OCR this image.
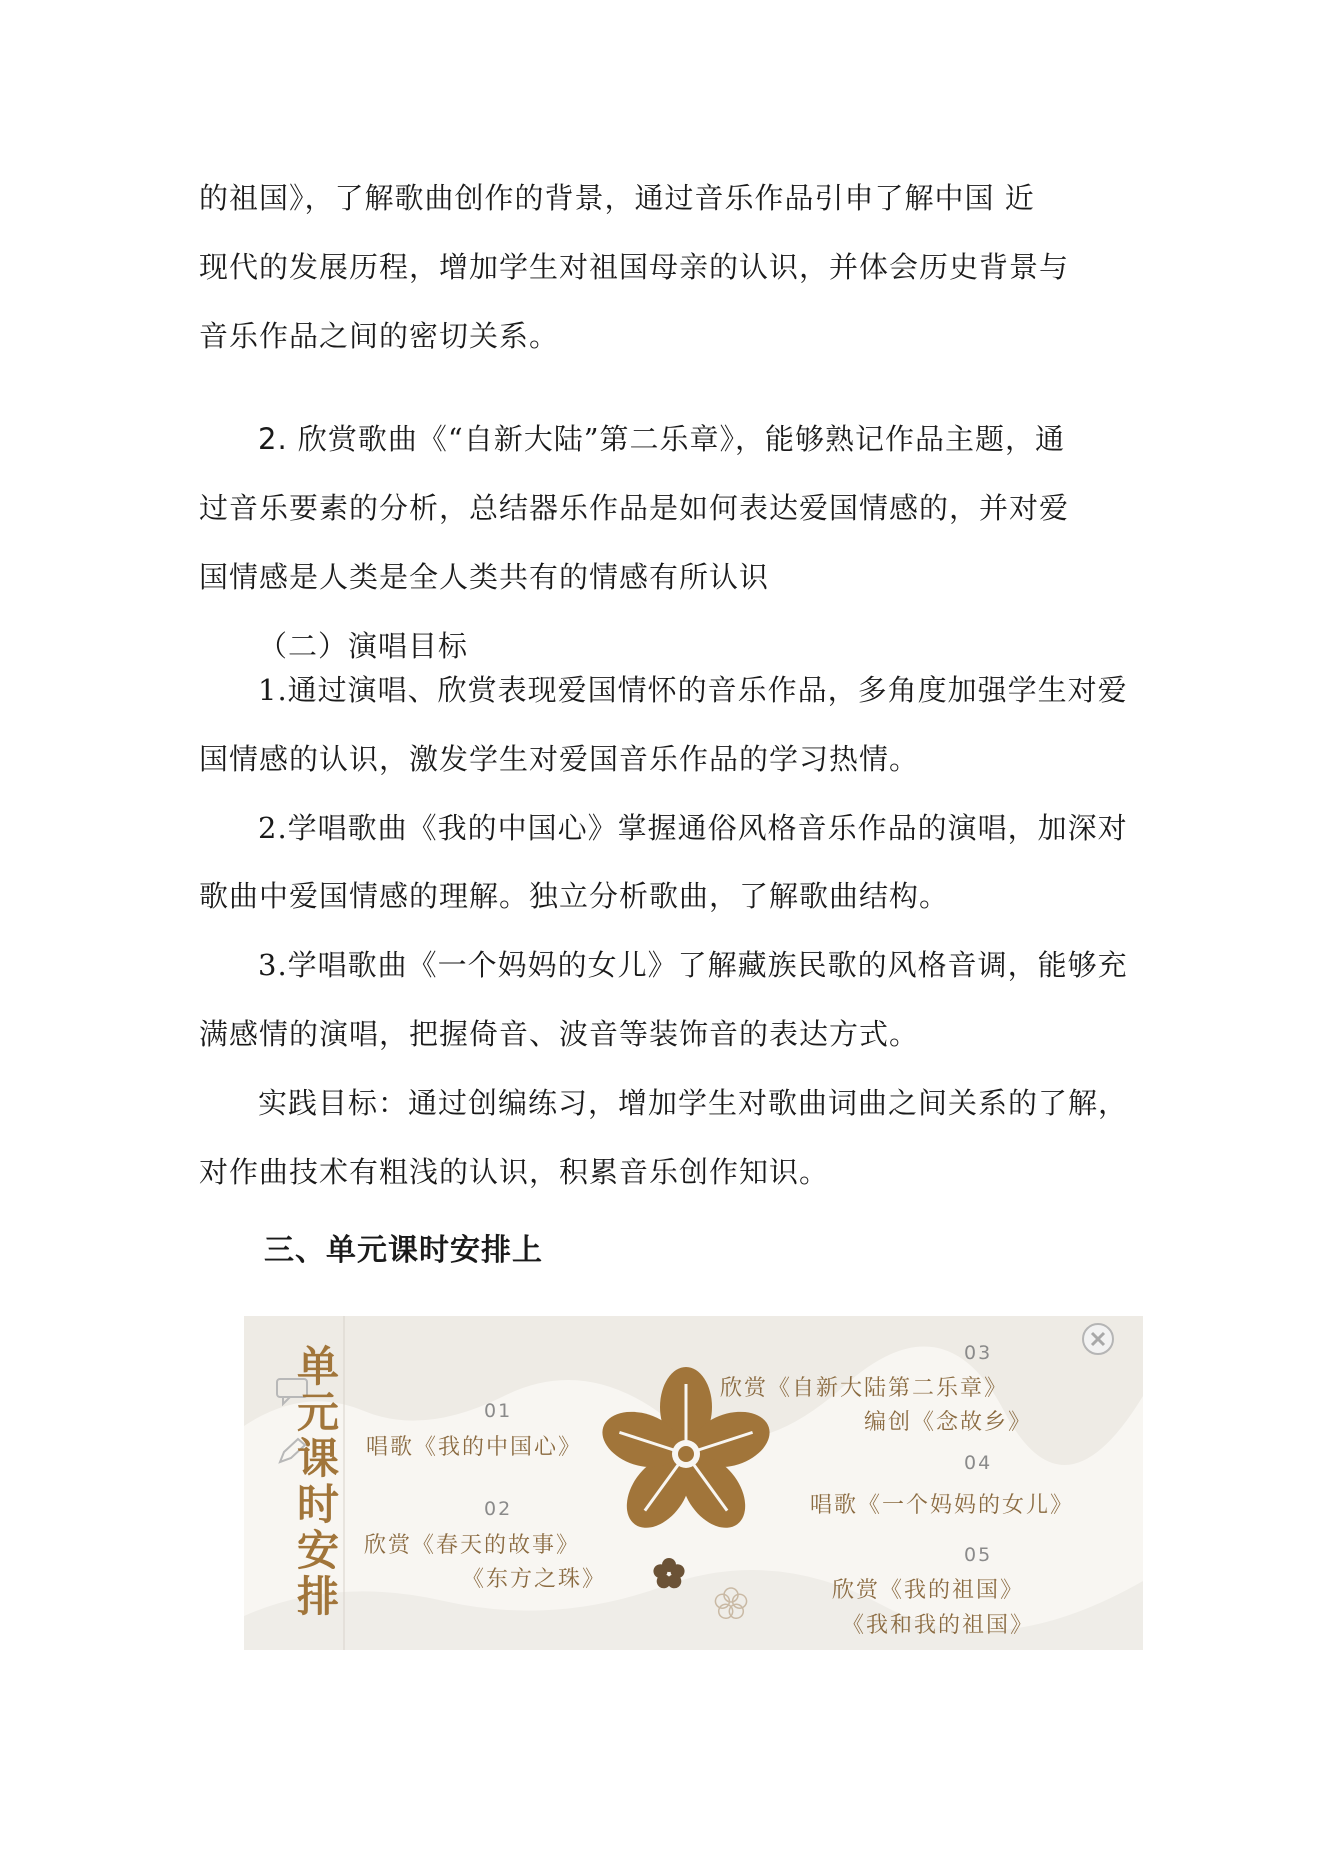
的祖国》，了解歌曲创作的背景，通过音乐作品引申了解中国 近
现代的发展历程，增加学生对祖国母亲的认识，并体会历史背景与
音乐作品之间的密切关系。
2. 欣赏歌曲《“自新大陆”第二乐章》，能够熟记作品主题，通
过音乐要素的分析，总结器乐作品是如何表达爱国情感的，并对爱
国情感是人类是全人类共有的情感有所认识
（二）演唱目标
1.通过演唱、欣赏表现爱国情怀的音乐作品，多角度加强学生对爱
国情感的认识，激发学生对爱国音乐作品的学习热情。
2.学唱歌曲《我的中国心》掌握通俗风格音乐作品的演唱，加深对
歌曲中爱国情感的理解。独立分析歌曲，了解歌曲结构。
3.学唱歌曲《一个妈妈的女儿》了解藏族民歌的风格音调，能够充
满感情的演唱，把握倚音、波音等装饰音的表达方式。
实践目标：通过创编练习，增加学生对歌曲词曲之间关系的了解，
对作曲技术有粗浅的认识，积累音乐创作知识。
三、单元课时安排上
单
元
课
时
安
排
01
唱歌《我的中国心》
02
欣赏《春天的故事》
《东方之珠》
03
欣赏《自新大陆第二乐章》
编创《念故乡》
04
唱歌《一个妈妈的女儿》
05
欣赏《我的祖国》
《我和我的祖国》
